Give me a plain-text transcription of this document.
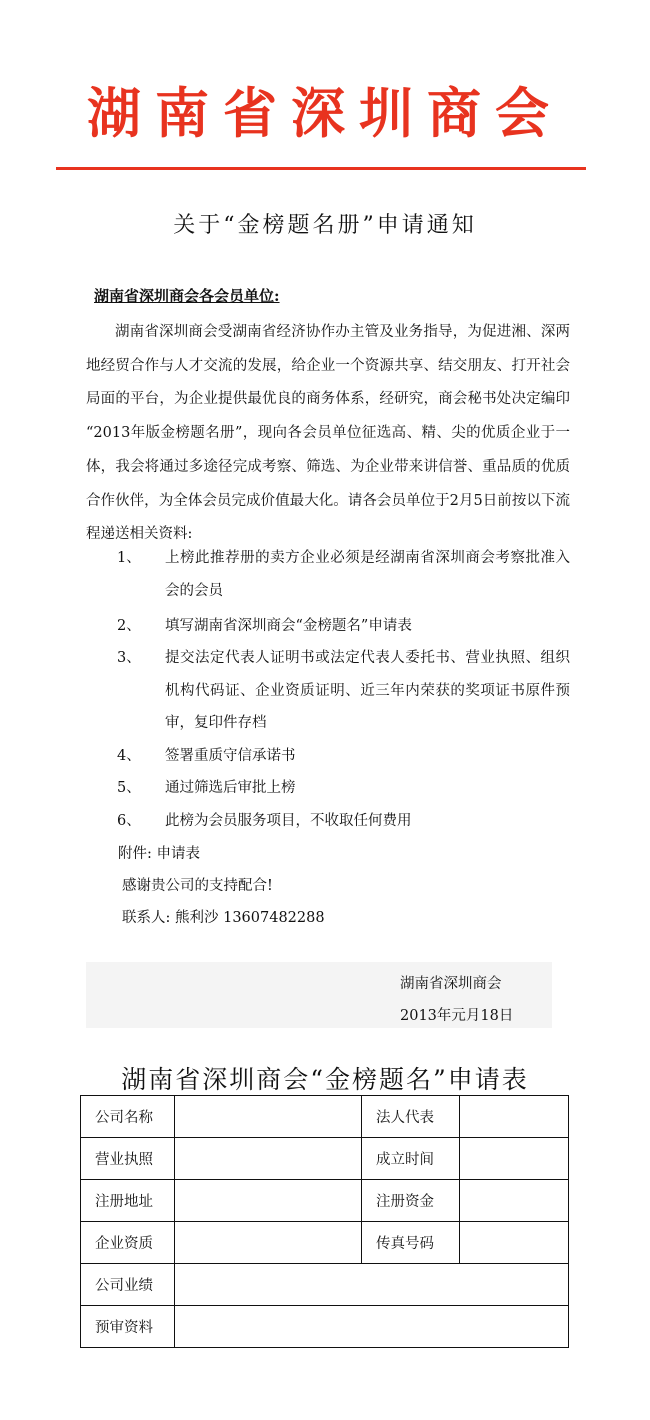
湖南省深圳商会
关于“金榜题名册”申请通知
湖南省深圳商会各会员单位:

湖南省深圳商会受湖南省经济协作办主管及业务指导，为促进湘、深两地经贸合作与人才交流的发展，给企业一个资源共享、结交朋友、打开社会局面的平台，为企业提供最优良的商务体系，经研究，商会秘书处决定编印 “2013年版金榜题名册”，现向各会员单位征选高、精、尖的优质企业于一体，我会将通过多途径完成考察、筛选、为企业带来讲信誉、重品质的优质合作伙伴，为全体会员完成价值最大化。请各会员单位于2月5日前按以下流程递送相关资料:

1、 上榜此推荐册的卖方企业必须是经湖南省深圳商会考察批准入会的会员
2、 填写湖南省深圳商会“金榜题名”申请表
3、 提交法定代表人证明书或法定代表人委托书、营业执照、组织机构代码证、企业资质证明、近三年内荣获的奖项证书原件预审，复印件存档
4、 签署重质守信承诺书
5、 通过筛选后审批上榜
6、 此榜为会员服务项目，不收取任何费用
附件: 申请表
感谢贵公司的支持配合!
联系人: 熊利沙 13607482288
湖南省深圳商会
2013年元月18日
湖南省深圳商会“金榜题名”申请表
公司名称		法人代表	
营业执照		成立时间	
注册地址		注册资金	
企业资质		传真号码	
公司业绩			
预审资料			
